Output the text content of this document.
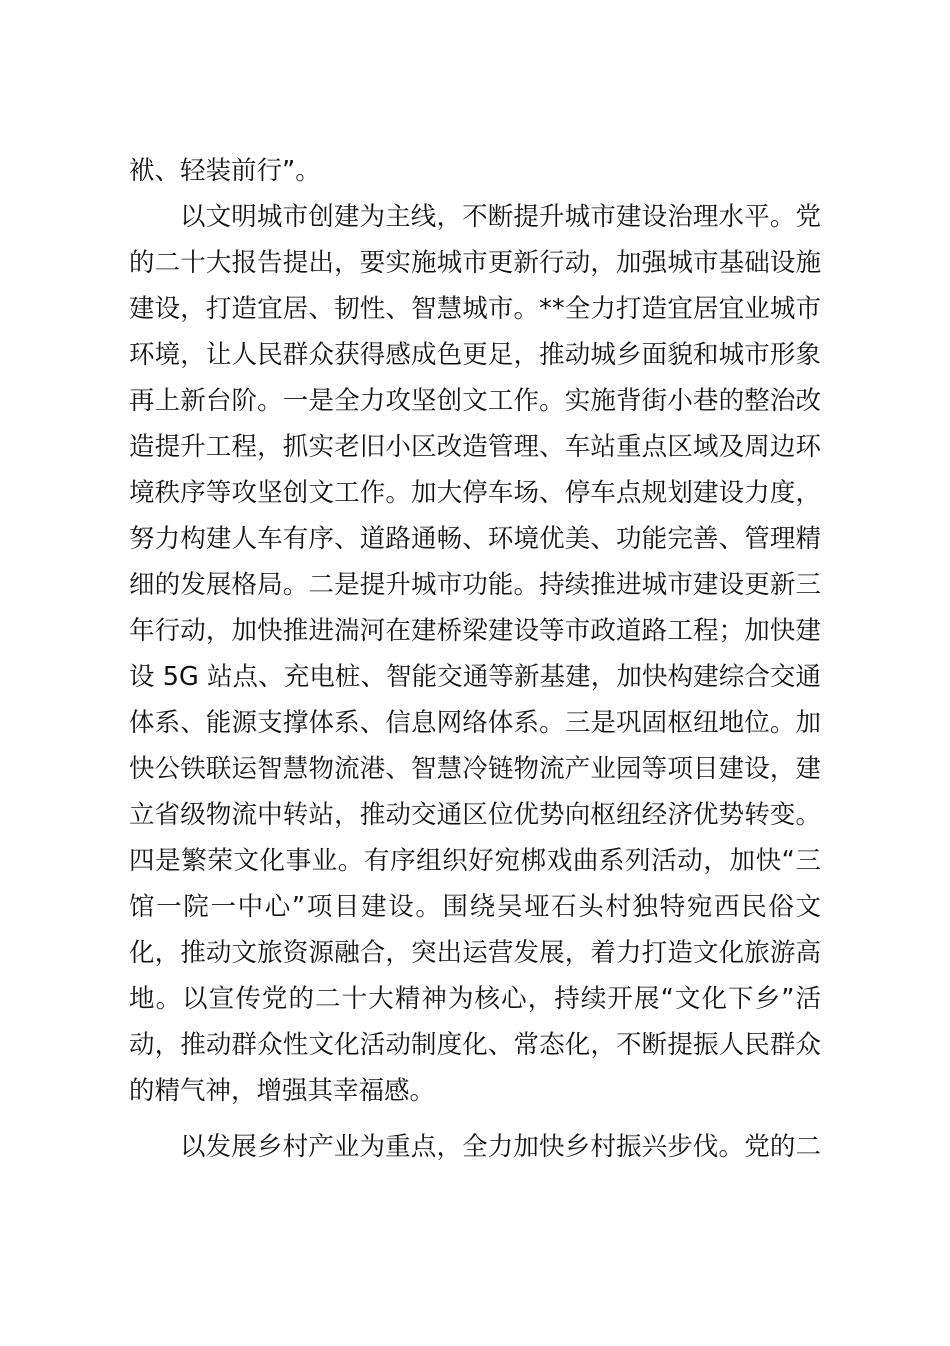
袱、轻装前行”。
以文明城市创建为主线，不断提升城市建设治理水平。党
的二十大报告提出，要实施城市更新行动，加强城市基础设施
建设，打造宜居、韧性、智慧城市。**全力打造宜居宜业城市
环境，让人民群众获得感成色更足，推动城乡面貌和城市形象
再上新台阶。一是全力攻坚创文工作。实施背街小巷的整治改
造提升工程，抓实老旧小区改造管理、车站重点区域及周边环
境秩序等攻坚创文工作。加大停车场、停车点规划建设力度，
努力构建人车有序、道路通畅、环境优美、功能完善、管理精
细的发展格局。二是提升城市功能。持续推进城市建设更新三
年行动，加快推进湍河在建桥梁建设等市政道路工程；加快建
设 5G 站点、充电桩、智能交通等新基建，加快构建综合交通
体系、能源支撑体系、信息网络体系。三是巩固枢纽地位。加
快公铁联运智慧物流港、智慧冷链物流产业园等项目建设，建
立省级物流中转站，推动交通区位优势向枢纽经济优势转变。
四是繁荣文化事业。有序组织好宛梆戏曲系列活动，加快“三
馆一院一中心”项目建设。围绕吴垭石头村独特宛西民俗文
化，推动文旅资源融合，突出运营发展，着力打造文化旅游高
地。以宣传党的二十大精神为核心，持续开展“文化下乡”活
动，推动群众性文化活动制度化、常态化，不断提振人民群众
的精气神，增强其幸福感。
以发展乡村产业为重点，全力加快乡村振兴步伐。党的二
